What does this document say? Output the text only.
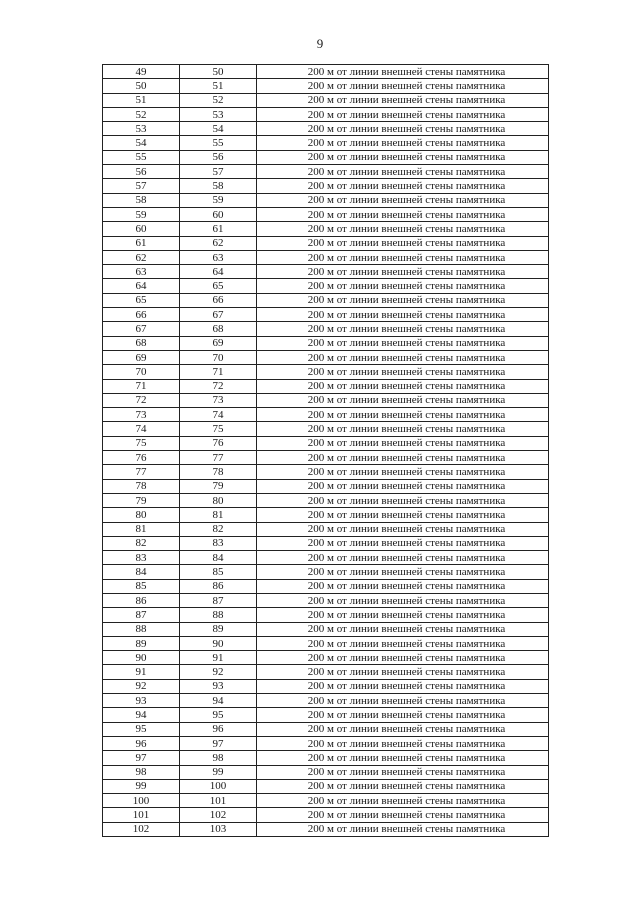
9
49	50	200 м от линии внешней стены памятника
50	51	200 м от линии внешней стены памятника
51	52	200 м от линии внешней стены памятника
52	53	200 м от линии внешней стены памятника
53	54	200 м от линии внешней стены памятника
54	55	200 м от линии внешней стены памятника
55	56	200 м от линии внешней стены памятника
56	57	200 м от линии внешней стены памятника
57	58	200 м от линии внешней стены памятника
58	59	200 м от линии внешней стены памятника
59	60	200 м от линии внешней стены памятника
60	61	200 м от линии внешней стены памятника
61	62	200 м от линии внешней стены памятника
62	63	200 м от линии внешней стены памятника
63	64	200 м от линии внешней стены памятника
64	65	200 м от линии внешней стены памятника
65	66	200 м от линии внешней стены памятника
66	67	200 м от линии внешней стены памятника
67	68	200 м от линии внешней стены памятника
68	69	200 м от линии внешней стены памятника
69	70	200 м от линии внешней стены памятника
70	71	200 м от линии внешней стены памятника
71	72	200 м от линии внешней стены памятника
72	73	200 м от линии внешней стены памятника
73	74	200 м от линии внешней стены памятника
74	75	200 м от линии внешней стены памятника
75	76	200 м от линии внешней стены памятника
76	77	200 м от линии внешней стены памятника
77	78	200 м от линии внешней стены памятника
78	79	200 м от линии внешней стены памятника
79	80	200 м от линии внешней стены памятника
80	81	200 м от линии внешней стены памятника
81	82	200 м от линии внешней стены памятника
82	83	200 м от линии внешней стены памятника
83	84	200 м от линии внешней стены памятника
84	85	200 м от линии внешней стены памятника
85	86	200 м от линии внешней стены памятника
86	87	200 м от линии внешней стены памятника
87	88	200 м от линии внешней стены памятника
88	89	200 м от линии внешней стены памятника
89	90	200 м от линии внешней стены памятника
90	91	200 м от линии внешней стены памятника
91	92	200 м от линии внешней стены памятника
92	93	200 м от линии внешней стены памятника
93	94	200 м от линии внешней стены памятника
94	95	200 м от линии внешней стены памятника
95	96	200 м от линии внешней стены памятника
96	97	200 м от линии внешней стены памятника
97	98	200 м от линии внешней стены памятника
98	99	200 м от линии внешней стены памятника
99	100	200 м от линии внешней стены памятника
100	101	200 м от линии внешней стены памятника
101	102	200 м от линии внешней стены памятника
102	103	200 м от линии внешней стены памятника
